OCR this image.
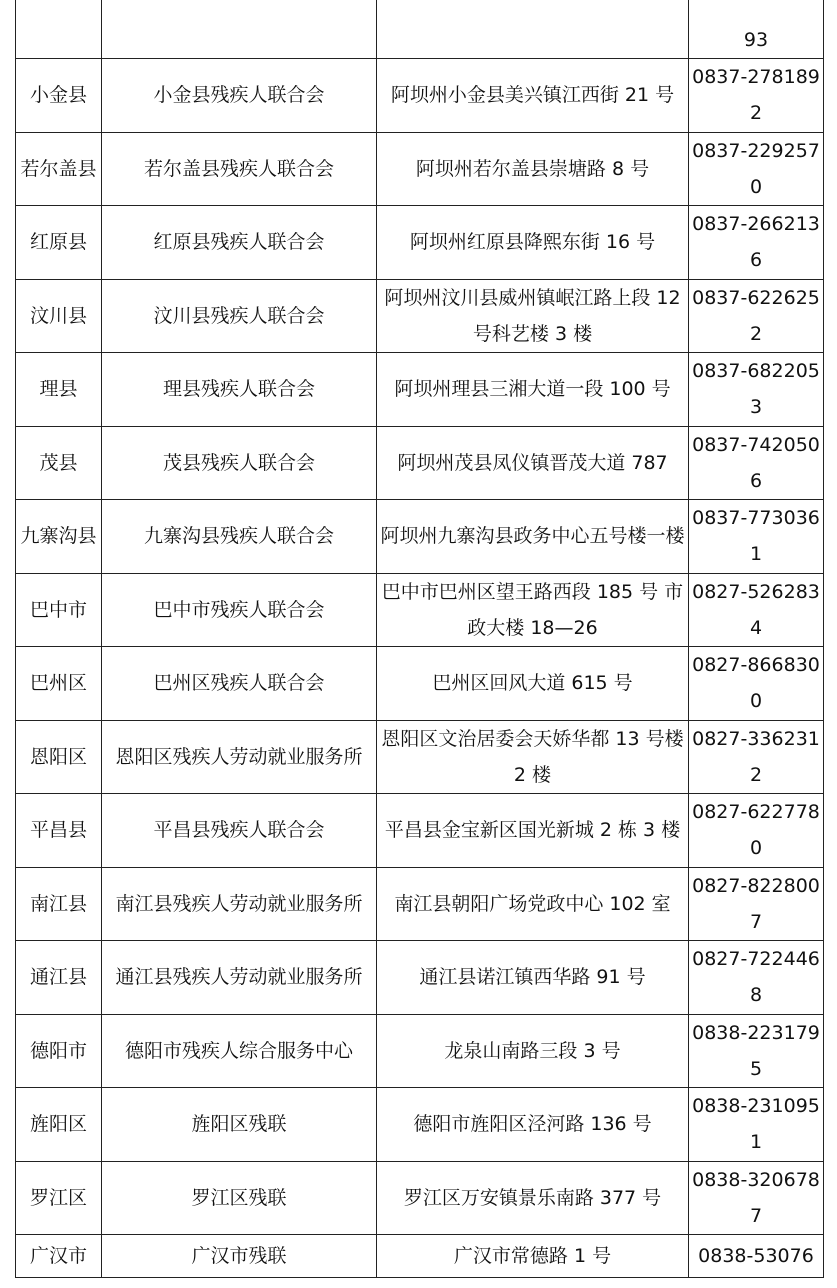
			93
小金县	小金县残疾人联合会	阿坝州小金县美兴镇江西街 21 号	0837-2781892
若尔盖县	若尔盖县残疾人联合会	阿坝州若尔盖县崇塘路 8 号	0837-2292570
红原县	红原县残疾人联合会	阿坝州红原县降熙东街 16 号	0837-2662136
汶川县	汶川县残疾人联合会	阿坝州汶川县威州镇岷江路上段 12 号科艺楼 3 楼	0837-6226252
理县	理县残疾人联合会	阿坝州理县三湘大道一段 100 号	0837-6822053
茂县	茂县残疾人联合会	阿坝州茂县凤仪镇晋茂大道 787	0837-7420506
九寨沟县	九寨沟县残疾人联合会	阿坝州九寨沟县政务中心五号楼一楼	0837-7730361
巴中市	巴中市残疾人联合会	巴中市巴州区望王路西段 185 号 市政大楼 18—26	0827-5262834
巴州区	巴州区残疾人联合会	巴州区回风大道 615 号	0827-8668300
恩阳区	恩阳区残疾人劳动就业服务所	恩阳区文治居委会天娇华都 13 号楼 2 楼	0827-3362312
平昌县	平昌县残疾人联合会	平昌县金宝新区国光新城 2 栋 3 楼	0827-6227780
南江县	南江县残疾人劳动就业服务所	南江县朝阳广场党政中心 102 室	0827-8228007
通江县	通江县残疾人劳动就业服务所	通江县诺江镇西华路 91 号	0827-7224468
德阳市	德阳市残疾人综合服务中心	龙泉山南路三段 3 号	0838-2231795
旌阳区	旌阳区残联	德阳市旌阳区泾河路 136 号	0838-2310951
罗江区	罗江区残联	罗江区万安镇景乐南路 377 号	0838-3206787
广汉市	广汉市残联	广汉市常德路 1 号	0838-53076
